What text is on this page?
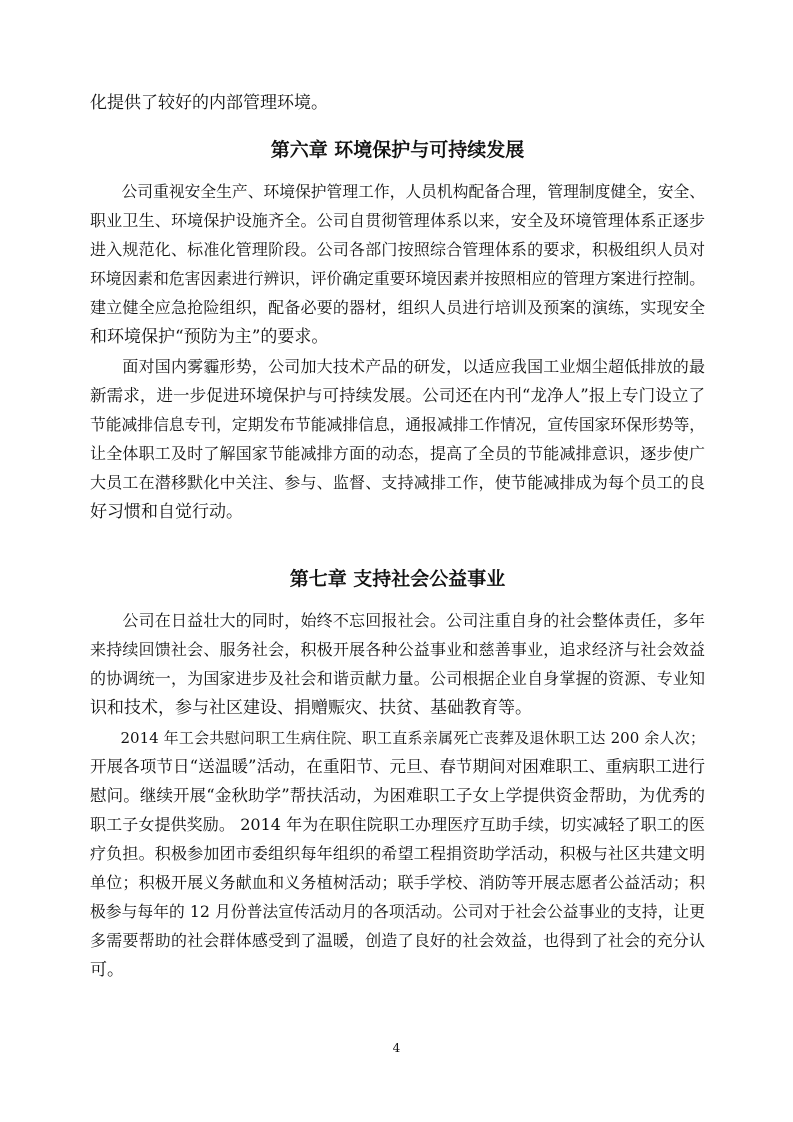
化提供了较好的内部管理环境。
第六章 环境保护与可持续发展
　　公司重视安全生产、环境保护管理工作，人员机构配备合理，管理制度健全，安全、
职业卫生、环境保护设施齐全。公司自贯彻管理体系以来，安全及环境管理体系正逐步
进入规范化、标准化管理阶段。公司各部门按照综合管理体系的要求，积极组织人员对
环境因素和危害因素进行辨识，评价确定重要环境因素并按照相应的管理方案进行控制。
建立健全应急抢险组织，配备必要的器材，组织人员进行培训及预案的演练，实现安全
和环境保护“预防为主”的要求。
　　面对国内雾霾形势，公司加大技术产品的研发，以适应我国工业烟尘超低排放的最
新需求，进一步促进环境保护与可持续发展。公司还在内刊“龙净人”报上专门设立了
节能减排信息专刊，定期发布节能减排信息，通报减排工作情况，宣传国家环保形势等，
让全体职工及时了解国家节能减排方面的动态，提高了全员的节能减排意识，逐步使广
大员工在潜移默化中关注、参与、监督、支持减排工作，使节能减排成为每个员工的良
好习惯和自觉行动。
第七章 支持社会公益事业
　　公司在日益壮大的同时，始终不忘回报社会。公司注重自身的社会整体责任，多年
来持续回馈社会、服务社会，积极开展各种公益事业和慈善事业，追求经济与社会效益
的协调统一，为国家进步及社会和谐贡献力量。公司根据企业自身掌握的资源、专业知
识和技术，参与社区建设、捐赠赈灾、扶贫、基础教育等。
　　2014 年工会共慰问职工生病住院、职工直系亲属死亡丧葬及退休职工达 200 余人次；
开展各项节日“送温暖”活动，在重阳节、元旦、春节期间对困难职工、重病职工进行
慰问。继续开展“金秋助学”帮扶活动，为困难职工子女上学提供资金帮助，为优秀的
职工子女提供奖励。 2014 年为在职住院职工办理医疗互助手续，切实减轻了职工的医
疗负担。积极参加团市委组织每年组织的希望工程捐资助学活动，积极与社区共建文明
单位；积极开展义务献血和义务植树活动；联手学校、消防等开展志愿者公益活动；积
极参与每年的 12 月份普法宣传活动月的各项活动。公司对于社会公益事业的支持，让更
多需要帮助的社会群体感受到了温暖，创造了良好的社会效益，也得到了社会的充分认
可。
4
